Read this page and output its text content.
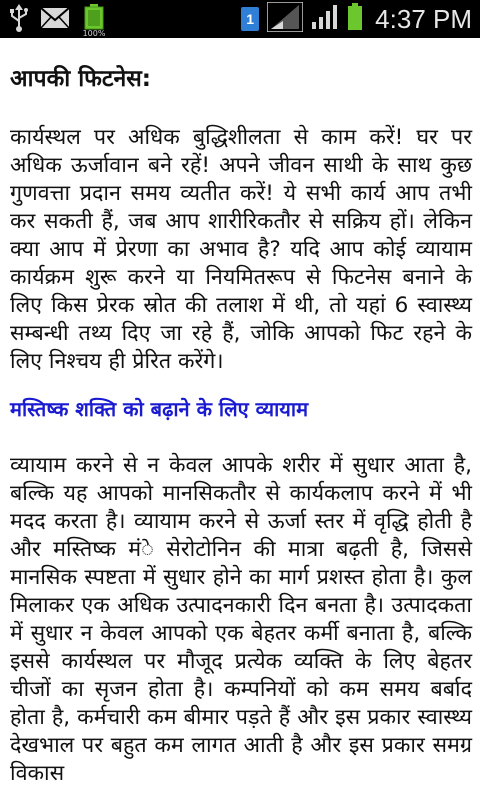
100%
1	4:37 PM
आपकी फिटनेस:

कार्यस्थल पर अधिक बुद्धिशीलता से काम करें! घर पर अधिक ऊर्जावान बने रहें! अपने जीवन साथी के साथ कुछ गुणवत्ता प्रदान समय व्यतीत करें! ये सभी कार्य आप तभी कर सकती हैं, जब आप शारीरिकतौर से सक्रिय हों। लेकिन क्या आप में प्रेरणा का अभाव है? यदि आप कोई व्यायाम कार्यक्रम शुरू करने या नियमितरूप से फिटनेस बनाने के लिए किस प्रेरक स्रोत की तलाश में थी, तो यहां 6 स्वास्थ्य सम्बन्धी तथ्य दिए जा रहे हैं, जोकि आपको फिट रहने के लिए निश्चय ही प्रेरित करेंगे।

मस्तिष्क शक्ति को बढ़ाने के लिए व्यायाम

व्यायाम करने से न केवल आपके शरीर में सुधार आता है, बल्कि यह आपको मानसिकतौर से कार्यकलाप करने में भी मदद करता है। व्यायाम करने से ऊर्जा स्तर में वृद्धि होती है और मस्तिष्क मंे सेरोटोनिन की मात्रा बढ़ती है, जिससे मानसिक स्पष्टता में सुधार होने का मार्ग प्रशस्त होता है। कुल मिलाकर एक अधिक उत्पादनकारी दिन बनता है। उत्पादकता में सुधार न केवल आपको एक बेहतर कर्मी बनाता है, बल्कि इससे कार्यस्थल पर मौजूद प्रत्येक व्यक्ति के लिए बेहतर चीजों का सृजन होता है। कम्पनियों को कम समय बर्बाद होता है, कर्मचारी कम बीमार पड़ते हैं और इस प्रकार स्वास्थ्य देखभाल पर बहुत कम लागत आती है और इस प्रकार समग्र विकास
